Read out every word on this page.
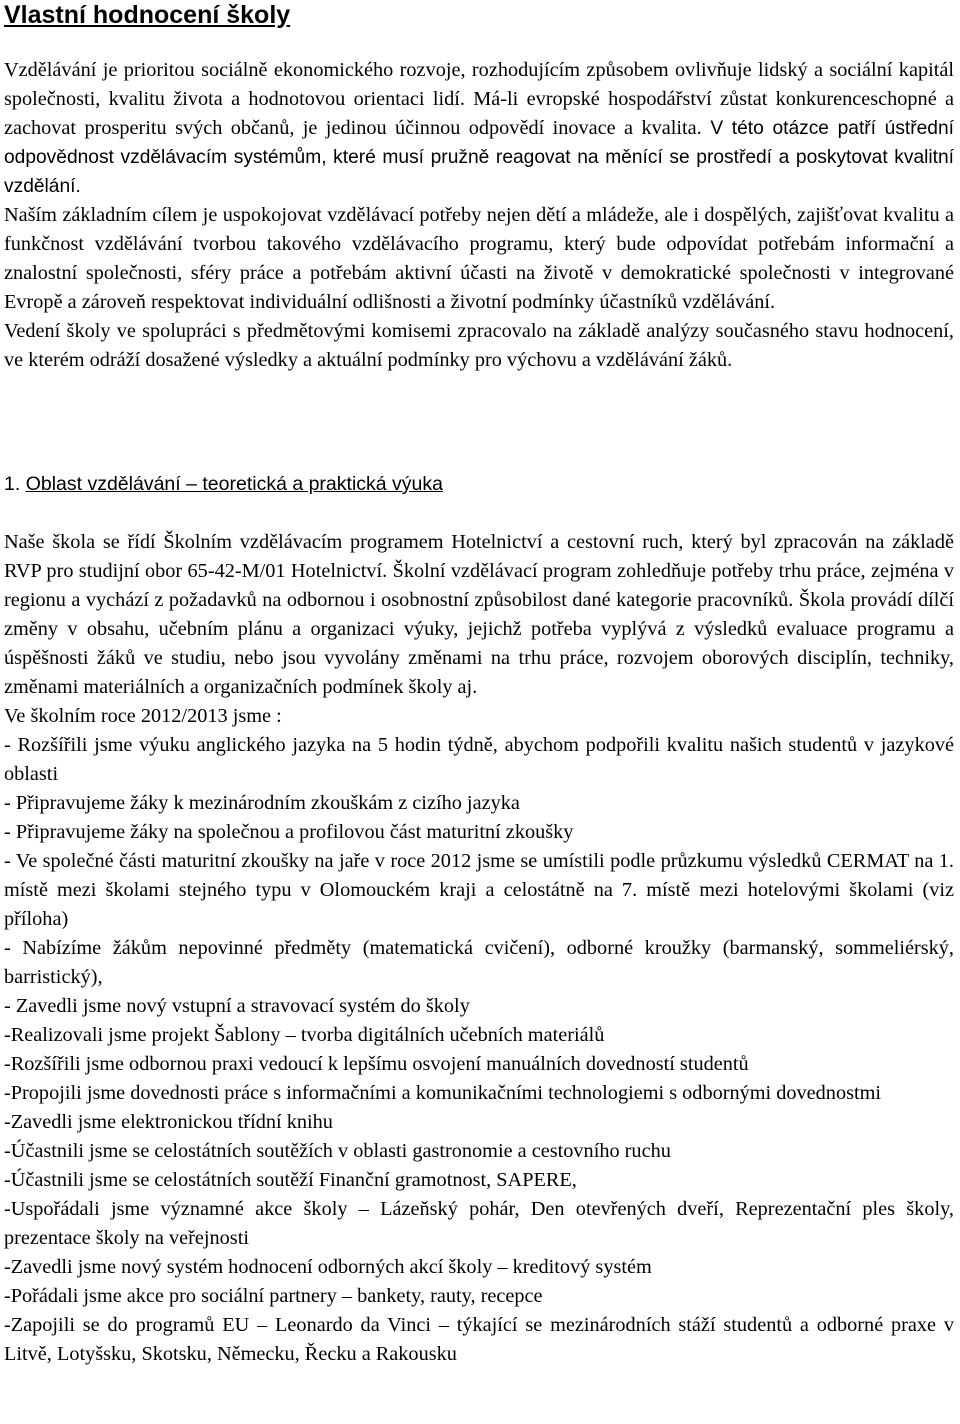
Vlastní hodnocení školy

Vzdělávání je prioritou sociálně ekonomického rozvoje, rozhodujícím způsobem ovlivňuje lidský a sociální kapitál společnosti, kvalitu života a hodnotovou orientaci lidí. Má-li evropské hospodářství zůstat konkurenceschopné a zachovat prosperitu svých občanů, je jedinou účinnou odpovědí inovace a kvalita. V této otázce patří ústřední odpovědnost vzdělávacím systémům, které musí pružně reagovat na měnící se prostředí a poskytovat kvalitní vzdělání.

Naším základním cílem je uspokojovat vzdělávací potřeby nejen dětí a mládeže, ale i dospělých, zajišťovat kvalitu a funkčnost vzdělávání tvorbou takového vzdělávacího programu, který bude odpovídat potřebám informační a znalostní společnosti, sféry práce a potřebám aktivní účasti na životě v demokratické společnosti v integrované Evropě a zároveň respektovat individuální odlišnosti a životní podmínky účastníků vzdělávání.

Vedení školy ve spolupráci s předmětovými komisemi zpracovalo na základě analýzy současného stavu hodnocení, ve kterém odráží dosažené výsledky a aktuální podmínky pro výchovu a vzdělávání žáků.

1. Oblast vzdělávání – teoretická a praktická výuka

Naše škola se řídí Školním vzdělávacím programem Hotelnictví a cestovní ruch, který byl zpracován na základě RVP pro studijní obor 65-42-M/01 Hotelnictví. Školní vzdělávací program zohledňuje potřeby trhu práce, zejména v regionu a vychází z požadavků na odbornou i osobnostní způsobilost dané kategorie pracovníků. Škola provádí dílčí změny v obsahu, učebním plánu a organizaci výuky, jejichž potřeba vyplývá z výsledků evaluace programu a úspěšnosti žáků ve studiu, nebo jsou vyvolány změnami na trhu práce, rozvojem oborových disciplín, techniky, změnami materiálních a organizačních podmínek školy aj.

Ve školním roce 2012/2013 jsme :

- Rozšířili jsme výuku anglického jazyka na 5 hodin týdně, abychom podpořili kvalitu našich studentů v jazykové oblasti
- Připravujeme žáky k mezinárodním zkouškám z cizího jazyka
- Připravujeme žáky na společnou a profilovou část maturitní zkoušky
- Ve společné části maturitní zkoušky na jaře v roce 2012 jsme se umístili podle průzkumu výsledků CERMAT na 1. místě mezi školami stejného typu v Olomouckém kraji a celostátně na 7. místě mezi hotelovými školami (viz příloha)
- Nabízíme žákům nepovinné předměty (matematická cvičení), odborné kroužky (barmanský, sommeliérský, barristický),
- Zavedli jsme nový vstupní a stravovací systém do školy
-Realizovali jsme projekt Šablony – tvorba digitálních učebních materiálů
-Rozšířili jsme odbornou praxi vedoucí k lepšímu osvojení manuálních dovedností studentů
-Propojili jsme dovednosti práce s informačními a komunikačními technologiemi s odbornými dovednostmi
-Zavedli jsme elektronickou třídní knihu
-Účastnili jsme se celostátních soutěžích v oblasti gastronomie a cestovního ruchu
-Účastnili jsme se celostátních soutěží Finanční gramotnost, SAPERE,
-Uspořádali jsme významné akce školy – Lázeňský pohár, Den otevřených dveří, Reprezentační ples školy, prezentace školy na veřejnosti
-Zavedli jsme nový systém hodnocení odborných akcí školy – kreditový systém
-Pořádali jsme akce pro sociální partnery – bankety, rauty, recepce
-Zapojili se do programů EU – Leonardo da Vinci – týkající se mezinárodních stáží studentů a odborné praxe v Litvě, Lotyšsku, Skotsku, Německu, Řecku a Rakousku
